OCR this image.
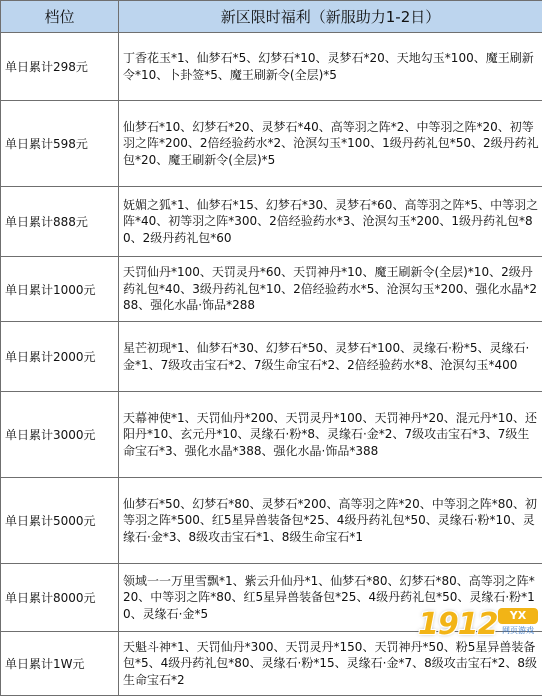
档位	新区限时福利（新服助力1-2日）
单日累计298元	丁香花玉*1、仙梦石*5、幻梦石*10、灵梦石*20、天地勾玉*100、魔王刷新令*10、卜卦签*5、魔王刷新令(全层)*5
单日累计598元	仙梦石*10、幻梦石*20、灵梦石*40、高等羽之阵*2、中等羽之阵*20、初等羽之阵*200、2倍经验药水*2、沧溟勾玉*100、1级丹药礼包*50、2级丹药礼包*20、魔王刷新令(全层)*5
单日累计888元	妩媚之狐*1、仙梦石*15、幻梦石*30、灵梦石*60、高等羽之阵*5、中等羽之阵*40、初等羽之阵*300、2倍经验药水*3、沧溟勾玉*200、1级丹药礼包*80、2级丹药礼包*60
单日累计1000元	天罚仙丹*100、天罚灵丹*60、天罚神丹*10、魔王刷新令(全层)*10、2级丹药礼包*40、3级丹药礼包*10、2倍经验药水*5、沧溟勾玉*200、强化水晶*288、强化水晶·饰品*288
单日累计2000元	星芒初现*1、仙梦石*30、幻梦石*50、灵梦石*100、灵缘石·粉*5、灵缘石·金*1、7级攻击宝石*2、7级生命宝石*2、2倍经验药水*8、沧溟勾玉*400
单日累计3000元	天幕神使*1、天罚仙丹*200、天罚灵丹*100、天罚神丹*20、混元丹*10、还阳丹*10、玄元丹*10、灵缘石·粉*8、灵缘石·金*2、7级攻击宝石*3、7级生命宝石*3、强化水晶*388、强化水晶·饰品*388
单日累计5000元	仙梦石*50、幻梦石*80、灵梦石*200、高等羽之阵*20、中等羽之阵*80、初等羽之阵*500、红5星异兽装备包*25、4级丹药礼包*50、灵缘石·粉*10、灵缘石·金*3、8级攻击宝石*1、8级生命宝石*1
单日累计8000元	领域一一万里雪飘*1、紫云升仙丹*1、仙梦石*80、幻梦石*80、高等羽之阵*20、中等羽之阵*80、红5星异兽装备包*25、4级丹药礼包*50、灵缘石·粉*10、灵缘石·金*5
单日累计1W元	天魁斗神*1、天罚仙丹*300、天罚灵丹*150、天罚神丹*50、粉5星异兽装备包*5、4级丹药礼包*80、灵缘石·粉*15、灵缘石·金*7、8级攻击宝石*2、8级生命宝石*2
1912	YX
网页游戏
